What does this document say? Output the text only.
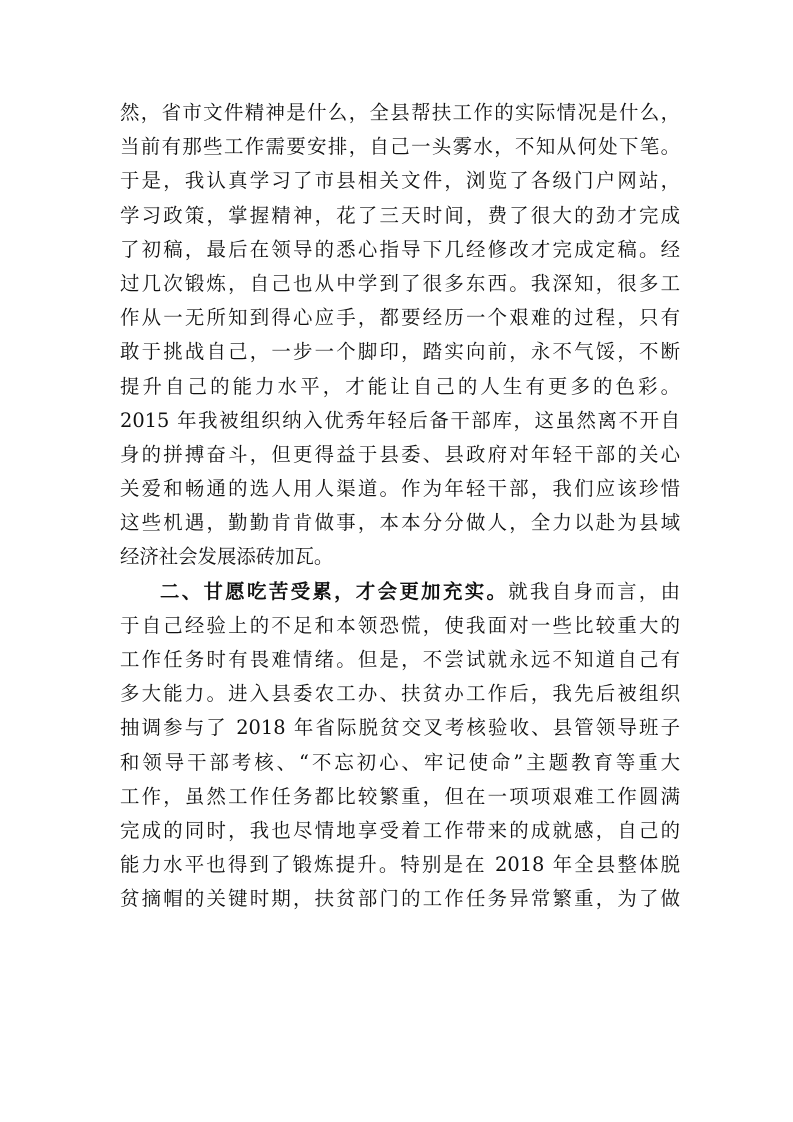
然，省市文件精神是什么，全县帮扶工作的实际情况是什么，
当前有那些工作需要安排，自己一头雾水，不知从何处下笔。
于是，我认真学习了市县相关文件，浏览了各级门户网站，
学习政策，掌握精神，花了三天时间，费了很大的劲才完成
了初稿，最后在领导的悉心指导下几经修改才完成定稿。经
过几次锻炼，自己也从中学到了很多东西。我深知，很多工
作从一无所知到得心应手，都要经历一个艰难的过程，只有
敢于挑战自己，一步一个脚印，踏实向前，永不气馁，不断
提升自己的能力水平，才能让自己的人生有更多的色彩。
2015 年我被组织纳入优秀年轻后备干部库，这虽然离不开自
身的拼搏奋斗，但更得益于县委、县政府对年轻干部的关心
关爱和畅通的选人用人渠道。作为年轻干部，我们应该珍惜
这些机遇，勤勤肯肯做事，本本分分做人，全力以赴为县域
经济社会发展添砖加瓦。
二、甘愿吃苦受累，才会更加充实。就我自身而言，由
于自己经验上的不足和本领恐慌，使我面对一些比较重大的
工作任务时有畏难情绪。但是，不尝试就永远不知道自己有
多大能力。进入县委农工办、扶贫办工作后，我先后被组织
抽调参与了 2018 年省际脱贫交叉考核验收、县管领导班子
和领导干部考核、“不忘初心、牢记使命”主题教育等重大
工作，虽然工作任务都比较繁重，但在一项项艰难工作圆满
完成的同时，我也尽情地享受着工作带来的成就感，自己的
能力水平也得到了锻炼提升。特别是在 2018 年全县整体脱
贫摘帽的关键时期，扶贫部门的工作任务异常繁重，为了做
